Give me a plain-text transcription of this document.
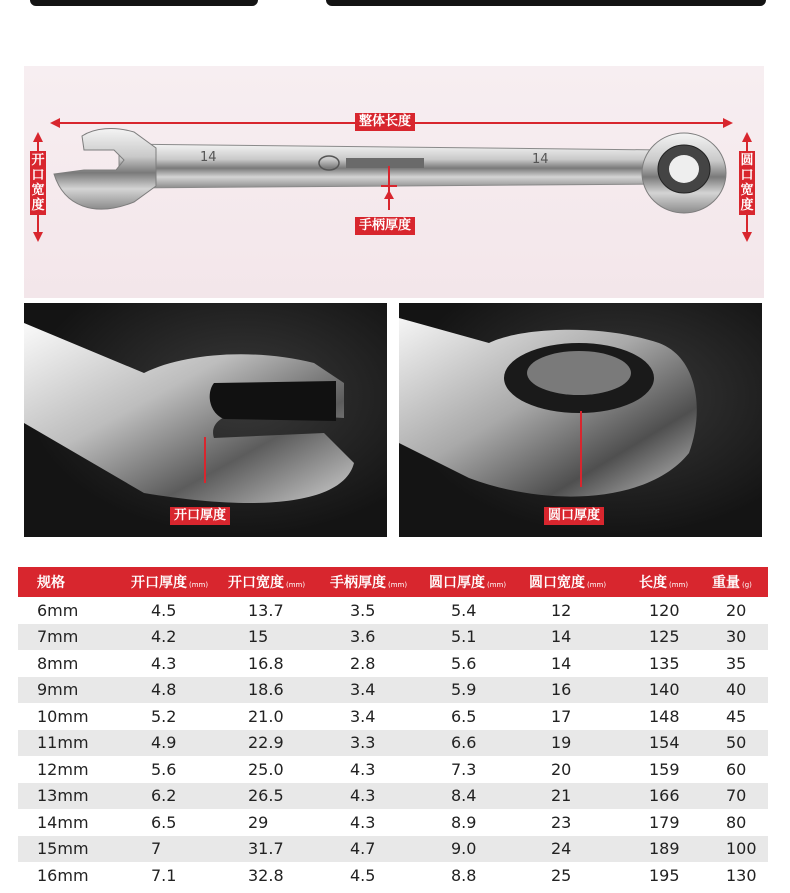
整体长度
手柄厚度
开口宽度
圆口宽度
14	14
开口厚度	圆口厚度
规格	开口厚度 (mm)	开口宽度 (mm)	手柄厚度 (mm)	圆口厚度 (mm)	圆口宽度 (mm)	长度 (mm)	重量 (g)
6mm	4.5	13.7	3.5	5.4	12	120	20
7mm	4.2	15	3.6	5.1	14	125	30
8mm	4.3	16.8	2.8	5.6	14	135	35
9mm	4.8	18.6	3.4	5.9	16	140	40
10mm	5.2	21.0	3.4	6.5	17	148	45
11mm	4.9	22.9	3.3	6.6	19	154	50
12mm	5.6	25.0	4.3	7.3	20	159	60
13mm	6.2	26.5	4.3	8.4	21	166	70
14mm	6.5	29	4.3	8.9	23	179	80
15mm	7	31.7	4.7	9.0	24	189	100
16mm	7.1	32.8	4.5	8.8	25	195	130
